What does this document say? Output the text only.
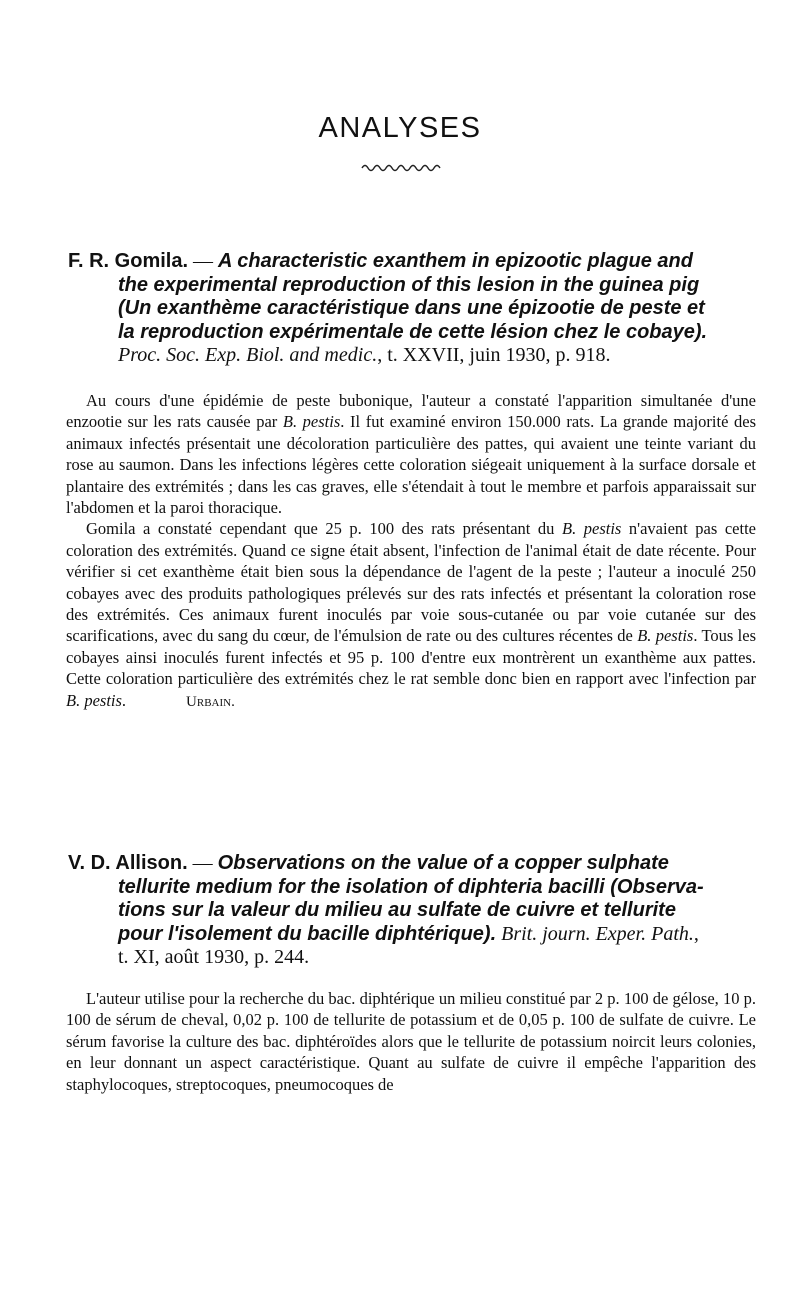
ANALYSES
F. R. Gomila. — A characteristic exanthem in epizootic plague and
the experimental reproduction of this lesion in the guinea pig
(Un exanthème caractéristique dans une épizootie de peste et
la reproduction expérimentale de cette lésion chez le cobaye).
Proc. Soc. Exp. Biol. and medic., t. XXVII, juin 1930, p. 918.

Au cours d'une épidémie de peste bubonique, l'auteur a constaté l'apparition simultanée d'une enzootie sur les rats causée par B. pestis. Il fut examiné environ 150.000 rats. La grande majorité des animaux infectés présentait une décoloration particulière des pattes, qui avaient une teinte variant du rose au saumon. Dans les infections légères cette coloration siégeait uniquement à la surface dorsale et plantaire des extrémités ; dans les cas graves, elle s'étendait à tout le membre et parfois apparaissait sur l'abdomen et la paroi thoracique.

Gomila a constaté cependant que 25 p. 100 des rats présentant du B. pestis n'avaient pas cette coloration des extrémités. Quand ce signe était absent, l'infection de l'animal était de date récente. Pour vérifier si cet exanthème était bien sous la dépendance de l'agent de la peste ; l'auteur a inoculé 250 cobayes avec des produits pathologiques prélevés sur des rats infectés et présentant la coloration rose des extrémités. Ces animaux furent inoculés par voie sous-cutanée ou par voie cutanée sur des scarifications, avec du sang du cœur, de l'émulsion de rate ou des cultures récentes de B. pestis. Tous les cobayes ainsi inoculés furent infectés et 95 p. 100 d'entre eux montrèrent un exanthème aux pattes. Cette coloration particulière des extrémités chez le rat semble donc bien en rapport avec l'infection par B. pestis.	Urbain.

V. D. Allison. — Observations on the value of a copper sulphate
tellurite medium for the isolation of diphteria bacilli (Observa-
tions sur la valeur du milieu au sulfate de cuivre et tellurite
pour l'isolement du bacille diphtérique). Brit. journ. Exper. Path.,
t. XI, août 1930, p. 244.

L'auteur utilise pour la recherche du bac. diphtérique un milieu constitué par 2 p. 100 de gélose, 10 p. 100 de sérum de cheval, 0,02 p. 100 de tellurite de potassium et de 0,05 p. 100 de sulfate de cuivre. Le sérum favorise la culture des bac. diphtéroïdes alors que le tellurite de potassium noircit leurs colonies, en leur donnant un aspect caractéristique. Quant au sulfate de cuivre il empêche l'apparition des staphylocoques, streptocoques, pneumocoques de
